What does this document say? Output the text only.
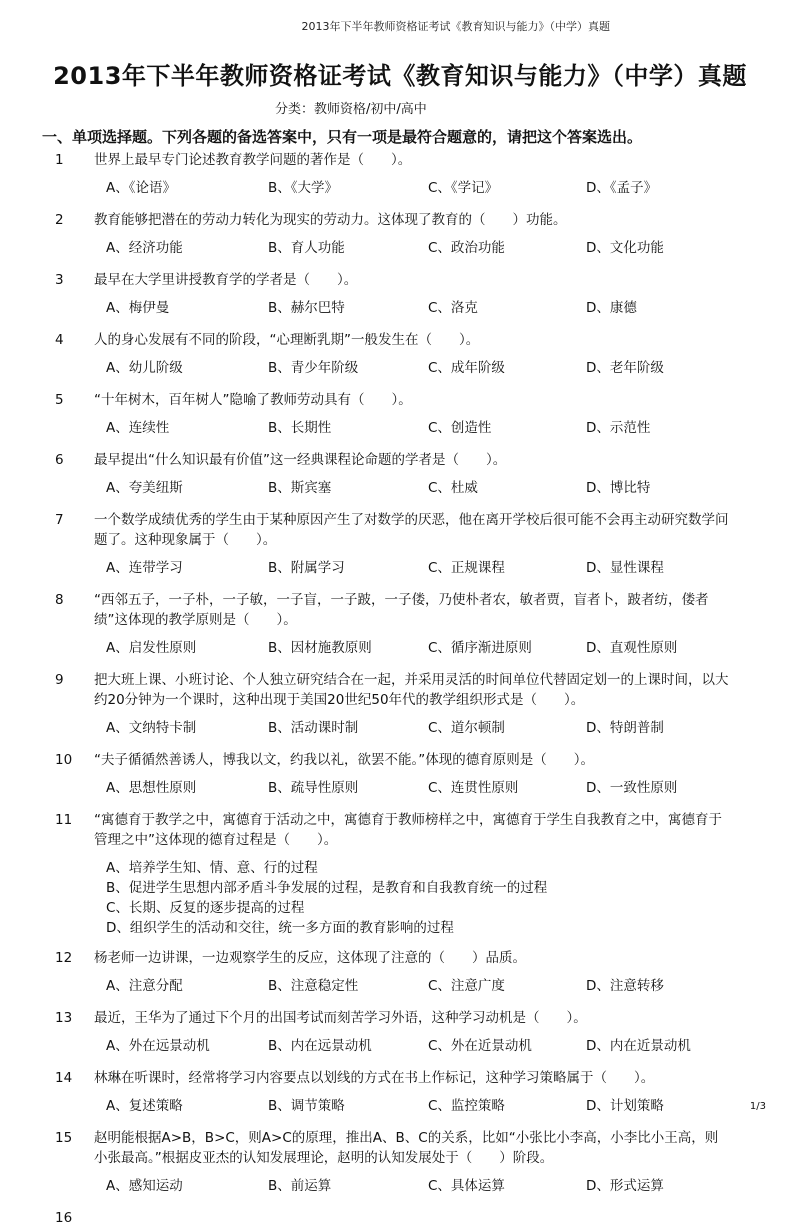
2013年下半年教师资格证考试《教育知识与能力》（中学）真题
2013年下半年教师资格证考试《教育知识与能力》（中学）真题
分类：教师资格/初中/高中
一、单项选择题。下列各题的备选答案中，只有一项是最符合题意的，请把这个答案选出。
1 世界上最早专门论述教育教学问题的著作是（　　）。
A、《论语》	B、《大学》	C、《学记》	D、《孟子》
2 教育能够把潜在的劳动力转化为现实的劳动力。这体现了教育的（　　）功能。
A、经济功能	B、育人功能	C、政治功能	D、文化功能
3 最早在大学里讲授教育学的学者是（　　）。
A、梅伊曼	B、赫尔巴特	C、洛克	D、康德
4 人的身心发展有不同的阶段，“心理断乳期”一般发生在（　　）。
A、幼儿阶级	B、青少年阶级	C、成年阶级	D、老年阶级
5 “十年树木，百年树人”隐喻了教师劳动具有（　　）。
A、连续性	B、长期性	C、创造性	D、示范性
6 最早提出“什么知识最有价值”这一经典课程论命题的学者是（　　）。
A、夸美纽斯	B、斯宾塞	C、杜威	D、博比特
7 一个数学成绩优秀的学生由于某种原因产生了对数学的厌恶，他在离开学校后很可能不会再主动研究数学问题了。这种现象属于（　　）。
A、连带学习	B、附属学习	C、正规课程	D、显性课程
8 “西邻五子，一子朴，一子敏，一子盲，一子跛，一子偻，乃使朴者农，敏者贾，盲者卜，跛者纺，偻者绩”这体现的教学原则是（　　）。
A、启发性原则	B、因材施教原则	C、循序渐进原则	D、直观性原则
9 把大班上课、小班讨论、个人独立研究结合在一起，并采用灵活的时间单位代替固定划一的上课时间，以大约20分钟为一个课时，这种出现于美国20世纪50年代的教学组织形式是（　　）。
A、文纳特卡制	B、活动课时制	C、道尔顿制	D、特朗普制
10 “夫子循循然善诱人，博我以文，约我以礼，欲罢不能。”体现的德育原则是（　　）。
A、思想性原则	B、疏导性原则	C、连贯性原则	D、一致性原则
11 “寓德育于教学之中，寓德育于活动之中，寓德育于教师榜样之中，寓德育于学生自我教育之中，寓德育于管理之中”这体现的德育过程是（　　）。
A、培养学生知、情、意、行的过程
B、促进学生思想内部矛盾斗争发展的过程，是教育和自我教育统一的过程
C、长期、反复的逐步提高的过程
D、组织学生的活动和交往，统一多方面的教育影响的过程
12 杨老师一边讲课，一边观察学生的反应，这体现了注意的（　　）品质。
A、注意分配	B、注意稳定性	C、注意广度	D、注意转移
13 最近，王华为了通过下个月的出国考试而刻苦学习外语，这种学习动机是（　　）。
A、外在远景动机	B、内在远景动机	C、外在近景动机	D、内在近景动机
14 林琳在听课时，经常将学习内容要点以划线的方式在书上作标记，这种学习策略属于（　　）。
A、复述策略	B、调节策略	C、监控策略	D、计划策略
15 赵明能根据A>B，B>C，则A>C的原理，推出A、B、C的关系，比如“小张比小李高，小李比小王高，则小张最高。”根据皮亚杰的认知发展理论，赵明的认知发展处于（　　）阶段。
A、感知运动	B、前运算	C、具体运算	D、形式运算
16
1/3
